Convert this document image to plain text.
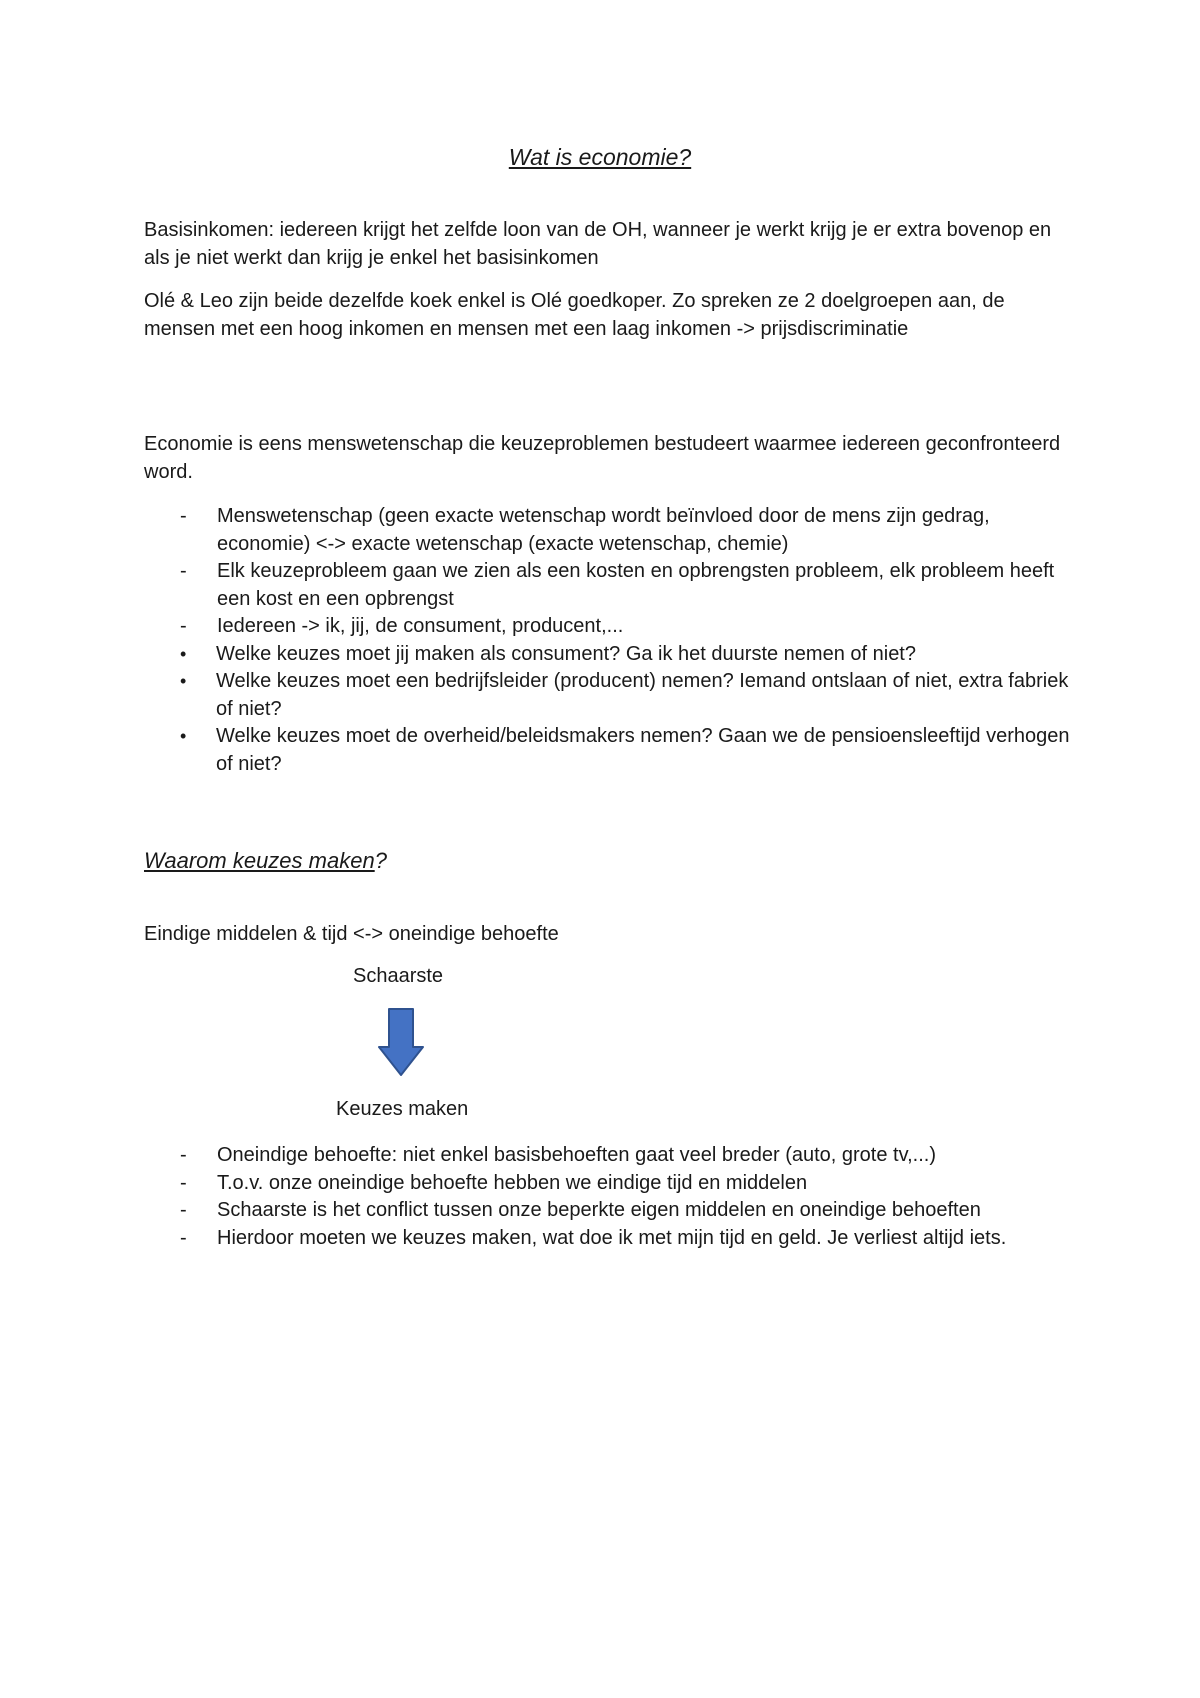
Wat is economie?

Basisinkomen: iedereen krijgt het zelfde loon van de OH, wanneer je werkt krijg je er extra bovenop en als je niet werkt dan krijg je enkel het basisinkomen

Olé & Leo zijn beide dezelfde koek enkel is Olé goedkoper. Zo spreken ze 2 doelgroepen aan, de mensen met een hoog inkomen en mensen met een laag inkomen -> prijsdiscriminatie

Economie is eens menswetenschap die keuzeproblemen bestudeert waarmee iedereen geconfronteerd word.

- Menswetenschap (geen exacte wetenschap wordt beïnvloed door de mens zijn gedrag, economie) <-> exacte wetenschap (exacte wetenschap, chemie)
- Elk keuzeprobleem gaan we zien als een kosten en opbrengsten probleem, elk probleem heeft een kost en een opbrengst
- Iedereen -> ik, jij, de consument, producent,...
• Welke keuzes moet jij maken als consument? Ga ik het duurste nemen of niet?
• Welke keuzes moet een bedrijfsleider (producent) nemen? Iemand ontslaan of niet, extra fabriek of niet?
• Welke keuzes moet de overheid/beleidsmakers nemen? Gaan we de pensioensleeftijd verhogen of niet?
Waarom keuzes maken?

Eindige middelen & tijd <-> oneindige behoefte

Schaarste

Keuzes maken

- Oneindige behoefte: niet enkel basisbehoeften gaat veel breder (auto, grote tv,...)
- T.o.v. onze oneindige behoefte hebben we eindige tijd en middelen
- Schaarste is het conflict tussen onze beperkte eigen middelen en oneindige behoeften
- Hierdoor moeten we keuzes maken, wat doe ik met mijn tijd en geld. Je verliest altijd iets.
